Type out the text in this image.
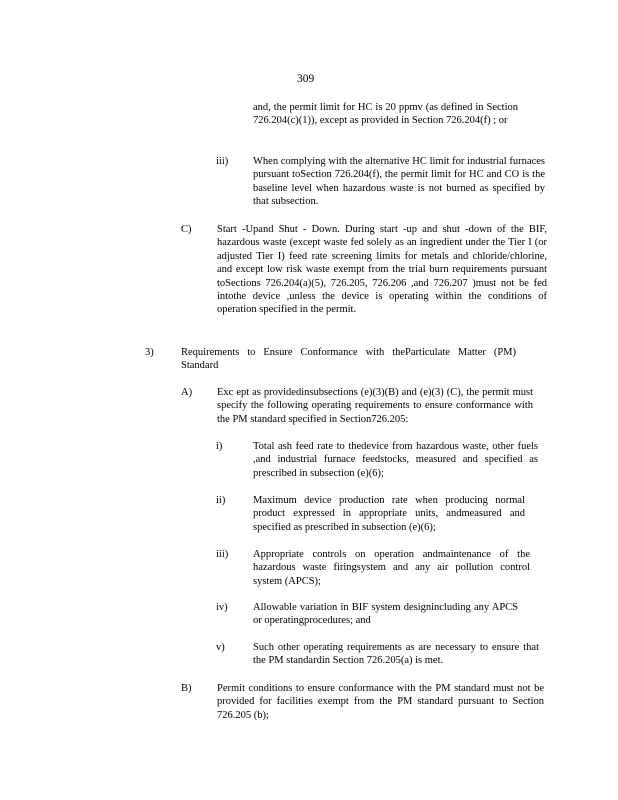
309
and, the permit limit for HC is 20 ppmv (as defined in Section 726.204(c)(1)), except as provided in Section 726.204(f) ; or
iii) When complying with the alternative HC limit for industrial furnaces pursuant toSection 726.204(f), the permit limit for HC and CO is the baseline level when hazardous waste is not burned as specified by that subsection.
C) Start -Upand Shut - Down. During start -up and shut -down of the BIF, hazardous waste (except waste fed solely as an ingredient under the Tier I (or adjusted Tier I) feed rate screening limits for metals and chloride/chlorine, and except low risk waste exempt from the trial burn requirements pursuant toSections 726.204(a)(5), 726.205, 726.206 ,and 726.207 )must not be fed intothe device ,unless the device is operating within the conditions of operation specified in the permit.
3)	Requirements to Ensure Conformance with theParticulate Matter (PM) Standard
A) Exc ept as providedinsubsections (e)(3)(B) and (e)(3) (C), the permit must specify the following operating requirements to ensure conformance with the PM standard specified in Section726.205:
i)	Total ash feed rate to thedevice from hazardous waste, other fuels ,and industrial furnace feedstocks, measured and specified as prescribed in subsection (e)(6);
ii)	Maximum device production rate when producing normal product expressed in appropriate units, andmeasured and specified as prescribed in subsection (e)(6);
iii) Appropriate controls on operation andmaintenance of the hazardous waste firingsystem and any air pollution control system (APCS);
iv) Allowable variation in BIF system designincluding any APCS or operatingprocedures; and
v)	Such other operating requirements as are necessary to ensure that the PM standardin Section 726.205(a) is met.
B) Permit conditions to ensure conformance with the PM standard must not be provided for facilities exempt from the PM standard pursuant to Section 726.205 (b);
